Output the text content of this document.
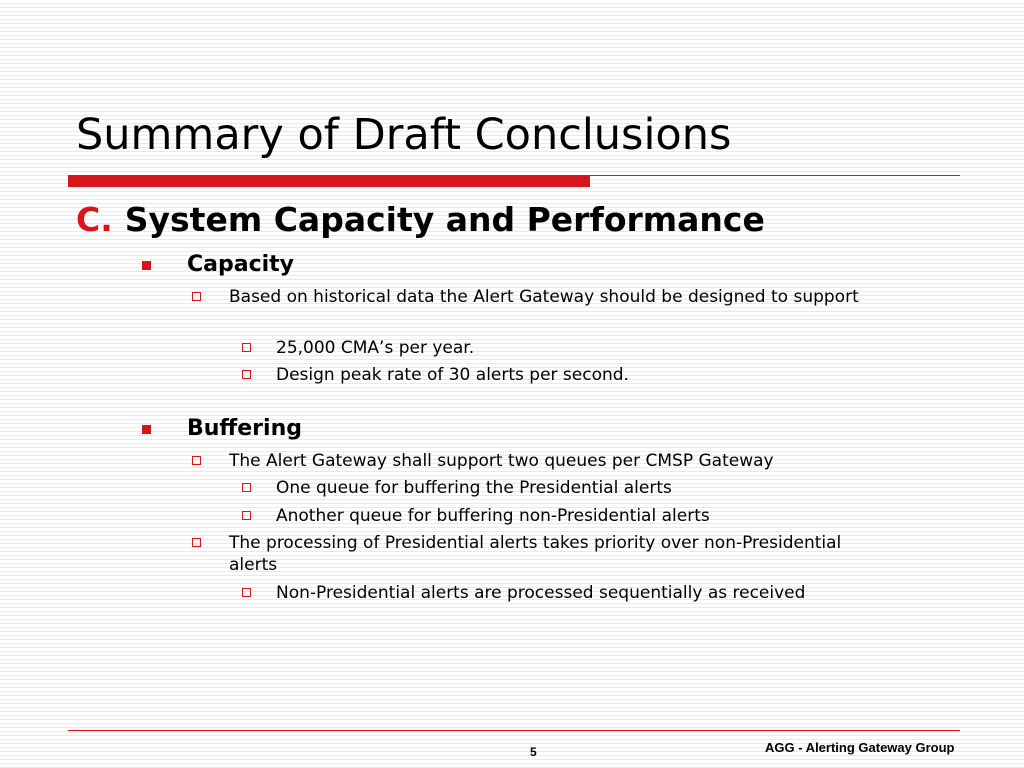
Summary of Draft Conclusions
C. System Capacity and Performance
Capacity
Based on historical data the Alert Gateway should be designed to support
25,000 CMA’s per year.
Design peak rate of 30 alerts per second.
Buffering
The Alert Gateway shall support two queues per CMSP Gateway
One queue for buffering the Presidential alerts
Another queue for buffering non-Presidential alerts
The processing of Presidential alerts takes priority over non-Presidential alerts
Non-Presidential alerts are processed sequentially as received
5	AGG - Alerting Gateway Group
